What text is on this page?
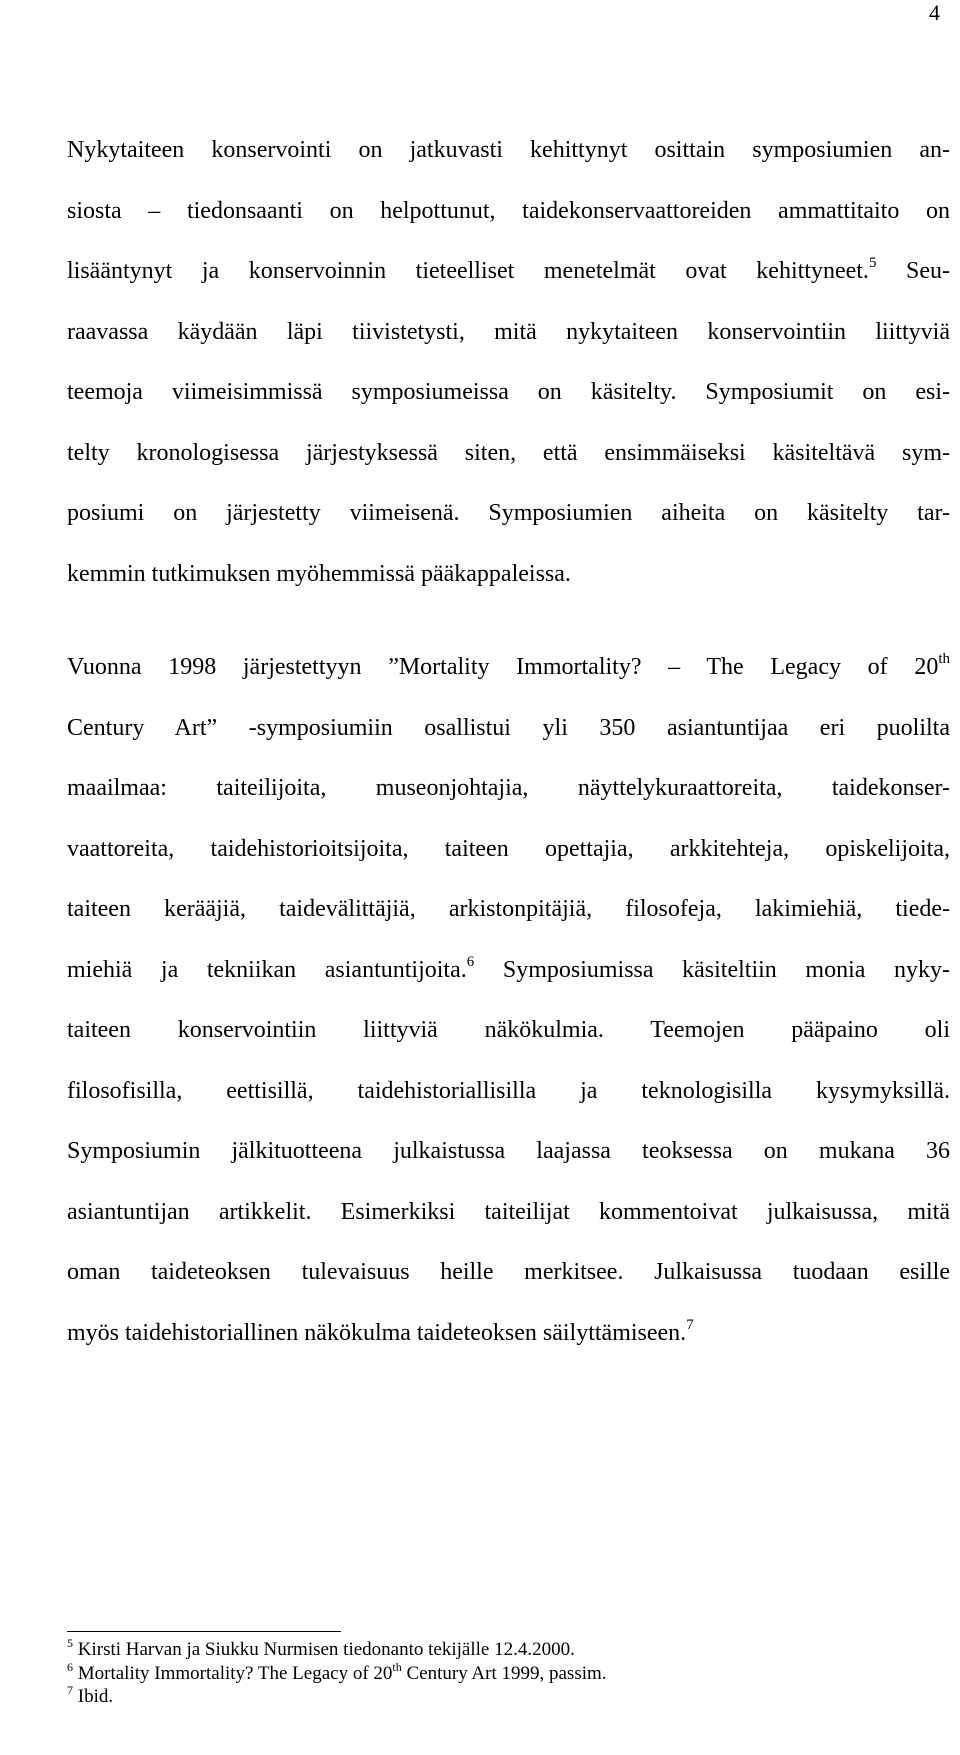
4
Nykytaiteen konservointi on jatkuvasti kehittynyt osittain symposiumien an-
siosta – tiedonsaanti on helpottunut, taidekonservaattoreiden ammattitaito on
lisääntynyt ja konservoinnin tieteelliset menetelmät ovat kehittyneet.$^5$ Seu-
raavassa käydään läpi tiivistetysti, mitä nykytaiteen konservointiin liittyviä
teemoja viimeisimmissä symposiumeissa on käsitelty. Symposiumit on esi-
telty kronologisessa järjestyksessä siten, että ensimmäiseksi käsiteltävä sym-
posiumi on järjestetty viimeisenä. Symposiumien aiheita on käsitelty tar-
kemmin tutkimuksen myöhemmissä pääkappaleissa.
Vuonna 1998 järjestettyyn ”Mortality Immortality? – The Legacy of 20th
Century Art” -symposiumiin osallistui yli 350 asiantuntijaa eri puolilta
maailmaa: taiteilijoita, museonjohtajia, näyttelykuraattoreita, taidekonser-
vaattoreita, taidehistorioitsijoita, taiteen opettajia, arkkitehteja, opiskelijoita,
taiteen kerääjiä, taidevälittäjiä, arkistonpitäjiä, filosofeja, lakimiehiä, tiede-
miehiä ja tekniikan asiantuntijoita.$^6$ Symposiumissa käsiteltiin monia nyky-
taiteen konservointiin liittyviä näkökulmia. Teemojen pääpaino oli
filosofisilla, eettisillä, taidehistoriallisilla ja teknologisilla kysymyksillä.
Symposiumin jälkituotteena julkaistussa laajassa teoksessa on mukana 36
asiantuntijan artikkelit. Esimerkiksi taiteilijat kommentoivat julkaisussa, mitä
oman taideteoksen tulevaisuus heille merkitsee. Julkaisussa tuodaan esille
myös taidehistoriallinen näkökulma taideteoksen säilyttämiseen.$^7$
$^5$ Kirsti Harvan ja Siukku Nurmisen tiedonanto tekijälle 12.4.2000.
$^6$ Mortality Immortality? The Legacy of 20th Century Art 1999, passim.
$^7$ Ibid.
